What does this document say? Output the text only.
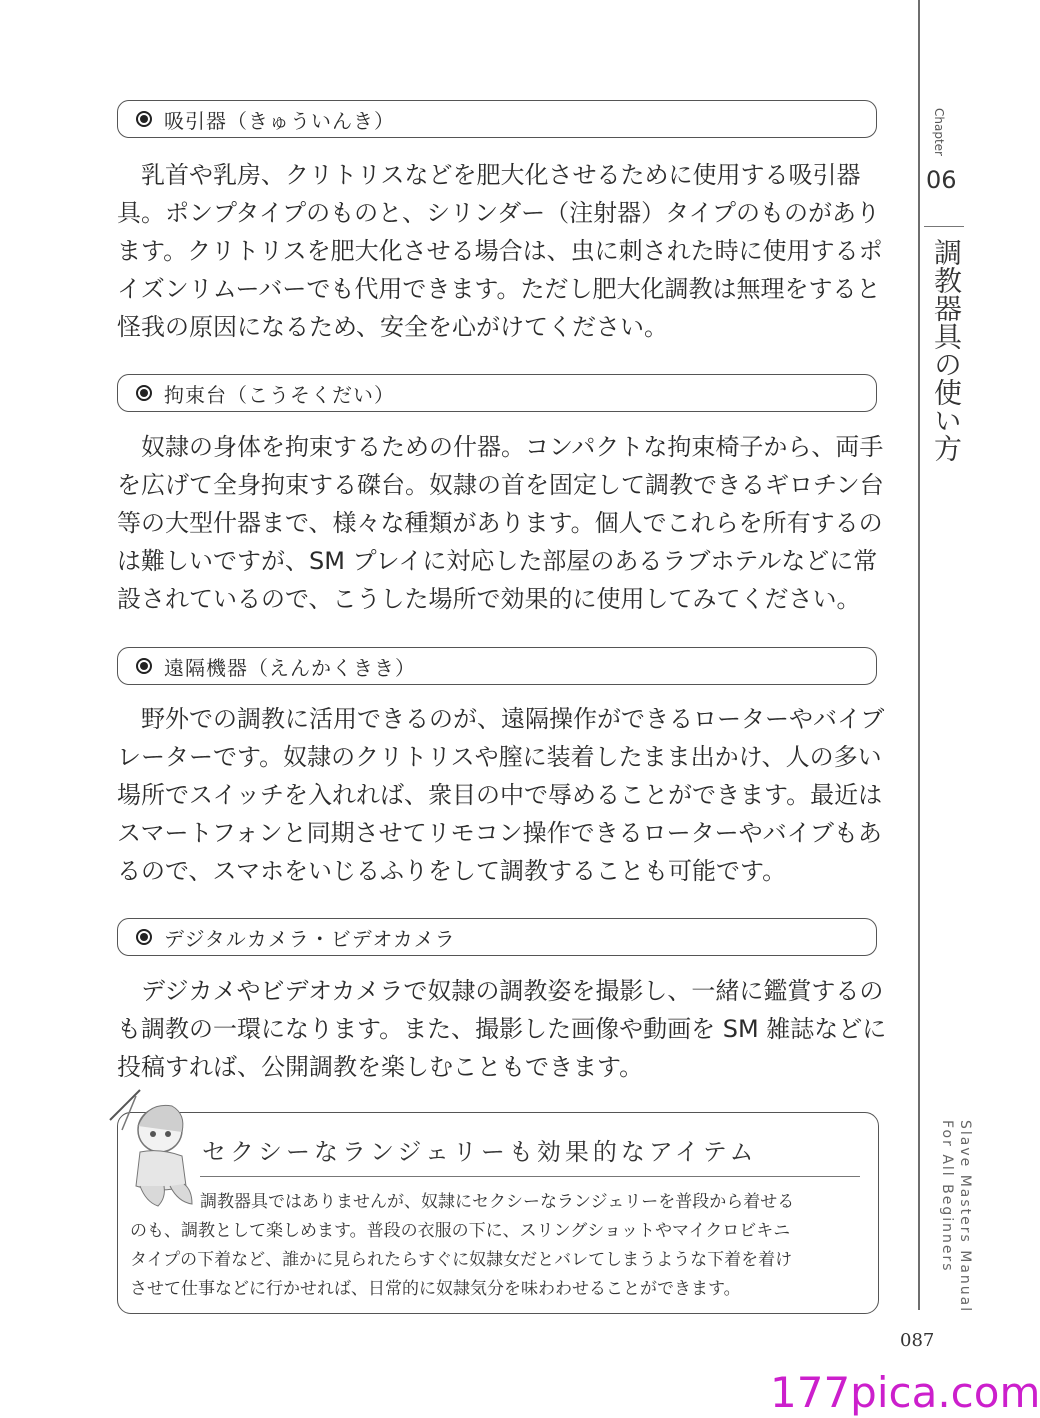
Chapter
06
調教器具の使い方
Slave Masters Manual
For All Beginners
吸引器（きゅういんき）

乳首や乳房、クリトリスなどを肥大化させるために使用する吸引器具。ポンプタイプのものと、シリンダー（注射器）タイプのものがあります。クリトリスを肥大化させる場合は、虫に刺された時に使用するポイズンリムーバーでも代用できます。ただし肥大化調教は無理をすると怪我の原因になるため、安全を心がけてください。

拘束台（こうそくだい）

奴隷の身体を拘束するための什器。コンパクトな拘束椅子から、両手を広げて全身拘束する磔台。奴隷の首を固定して調教できるギロチン台等の大型什器まで、様々な種類があります。個人でこれらを所有するのは難しいですが、SM プレイに対応した部屋のあるラブホテルなどに常設されているので、こうした場所で効果的に使用してみてください。

遠隔機器（えんかくきき）

野外での調教に活用できるのが、遠隔操作ができるローターやバイブレーターです。奴隷のクリトリスや膣に装着したまま出かけ、人の多い場所でスイッチを入れれば、衆目の中で辱めることができます。最近はスマートフォンと同期させてリモコン操作できるローターやバイブもあるので、スマホをいじるふりをして調教することも可能です。

デジタルカメラ・ビデオカメラ

デジカメやビデオカメラで奴隷の調教姿を撮影し、一緒に鑑賞するのも調教の一環になります。また、撮影した画像や動画を SM 雑誌などに投稿すれば、公開調教を楽しむこともできます。

セクシーなランジェリーも効果的なアイテム
調教器具ではありませんが、奴隷にセクシーなランジェリーを普段から着せる
のも、調教として楽しめます。普段の衣服の下に、スリングショットやマイクロビキニ
タイプの下着など、誰かに見られたらすぐに奴隷女だとバレてしまうような下着を着け
させて仕事などに行かせれば、日常的に奴隷気分を味わわせることができます。
087
177pica.com
